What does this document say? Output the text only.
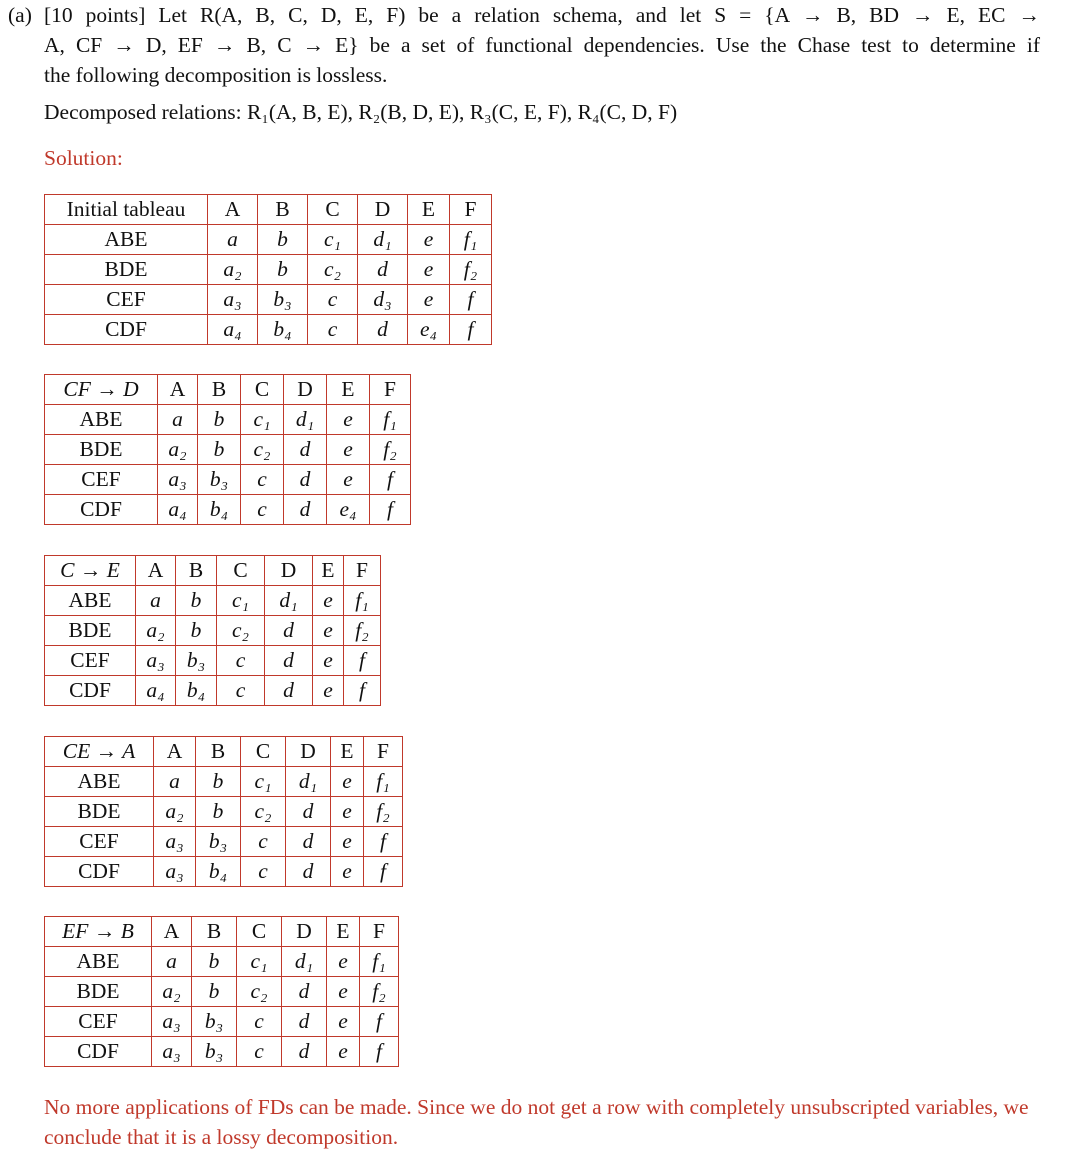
(a) [10 points] Let R(A, B, C, D, E, F) be a relation schema, and let S = {A → B, BD → E, EC →
A, CF → D, EF → B, C → E} be a set of functional dependencies. Use the Chase test to determine if
the following decomposition is lossless.
Decomposed relations: R₁(A, B, E), R₂(B, D, E), R₃(C, E, F), R₄(C, D, F)
Solution:
Initial tableau	A	B	C	D	E	F
ABE	a	b	c₁	d₁	e	f₁
BDE	a₂	b	c₂	d	e	f₂
CEF	a₃	b₃	c	d₃	e	f
CDF	a₄	b₄	c	d	e₄	f
CF → D	A	B	C	D	E	F
ABE	a	b	c₁	d₁	e	f₁
BDE	a₂	b	c₂	d	e	f₂
CEF	a₃	b₃	c	d	e	f
CDF	a₄	b₄	c	d	e₄	f
C → E	A	B	C	D	E	F
ABE	a	b	c₁	d₁	e	f₁
BDE	a₂	b	c₂	d	e	f₂
CEF	a₃	b₃	c	d	e	f
CDF	a₄	b₄	c	d	e	f
CE → A	A	B	C	D	E	F
ABE	a	b	c₁	d₁	e	f₁
BDE	a₂	b	c₂	d	e	f₂
CEF	a₃	b₃	c	d	e	f
CDF	a₃	b₄	c	d	e	f
EF → B	A	B	C	D	E	F
ABE	a	b	c₁	d₁	e	f₁
BDE	a₂	b	c₂	d	e	f₂
CEF	a₃	b₃	c	d	e	f
CDF	a₃	b₃	c	d	e	f
No more applications of FDs can be made. Since we do not get a row with completely unsubscripted variables, we conclude that it is a lossy decomposition.
